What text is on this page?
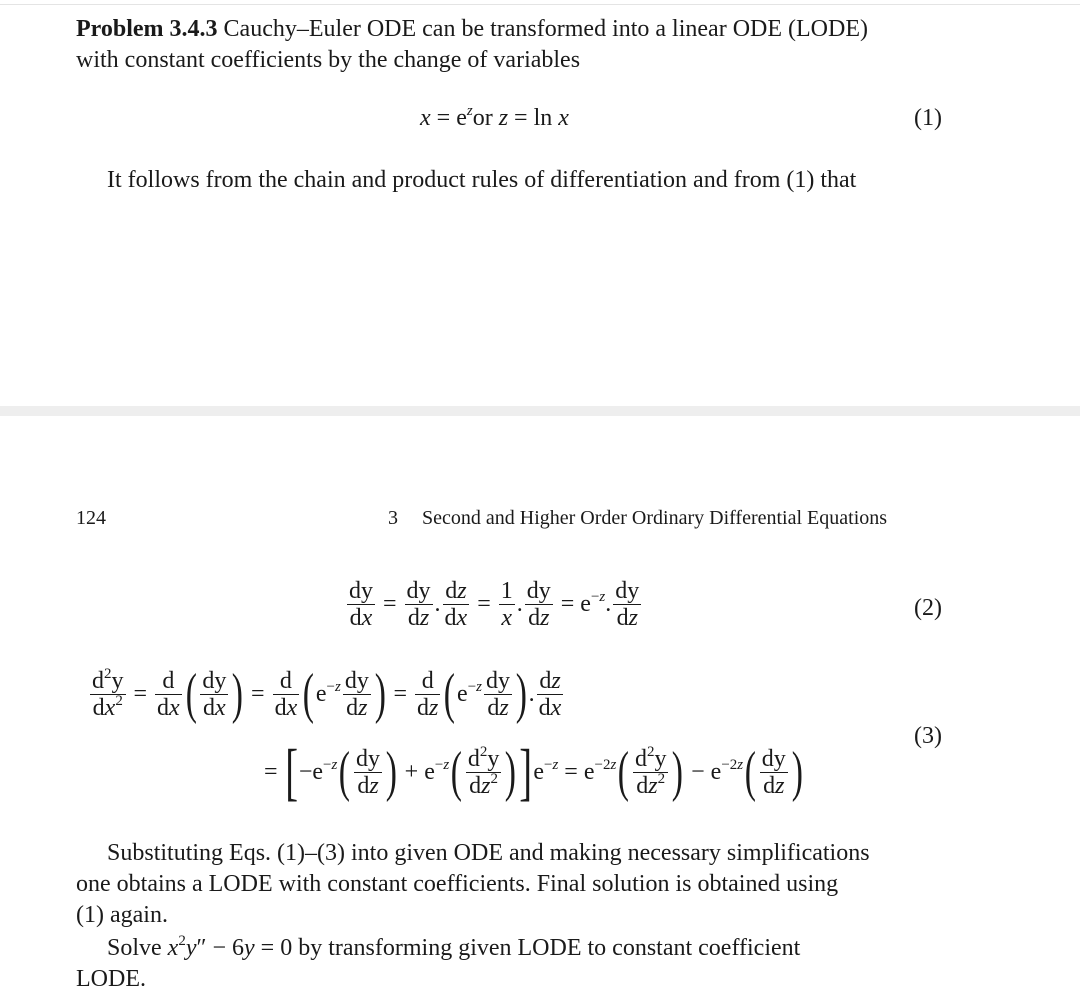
Problem 3.4.3 Cauchy–Euler ODE can be transformed into a linear ODE (LODE)
with constant coefficients by the change of variables
$x = e^zor$ z = ln x	(1)
It follows from the chain and product rules of differentiation and from (1) that
124	3 Second and Higher Order Ordinary Differential Equations
$\frac{dy}{dx} = \frac{dy}{dz}$ . $\frac{dz}{dx} = \frac{1}{x}$ . $\frac{dy}{dz} = e^{-z}$. $\frac{dy}{dz}$	(2)
$\frac{d^2y}{dx^2} = \frac{d}{dx}$ ( $\frac{dy}{dx}$ ) = $\frac{d}{dx}$ ( $e^{-z} \frac{dy}{dz}$ ) = $\frac{d}{dz}$ ( $e^{-z} \frac{dy}{dz}$ ) . $\frac{dz}{dx}$
(3)
= [ $-e^{-z}$ ( $\frac{dy}{dz}$ ) + $e^{-z}$ ( $\frac{d^2y}{dz^2}$ ) ] $e^{-z} = e^{-2z}$ ( $\frac{d^2y}{dz^2}$ ) − $e^{-2z}$ ( $\frac{dy}{dz}$ )
Substituting Eqs. (1)–(3) into given ODE and making necessary simplifications
one obtains a LODE with constant coefficients. Final solution is obtained using
(1) again.
Solve $x^2y'' - 6y = 0$ by transforming given LODE to constant coefficient
LODE.
